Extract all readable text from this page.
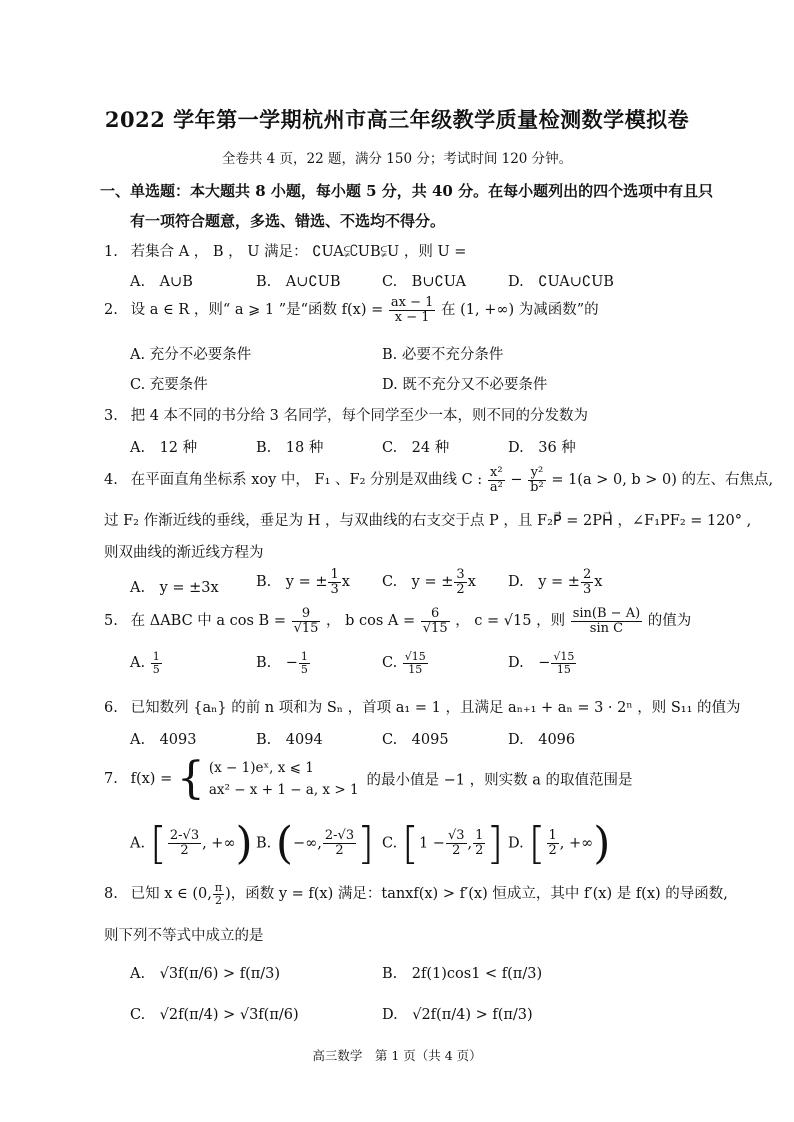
2022 学年第一学期杭州市高三年级教学质量检测数学模拟卷
全卷共 4 页，22 题，满分 150 分；考试时间 120 分钟。
一、单选题：本大题共 8 小题，每小题 5 分，共 40 分。在每小题列出的四个选项中有且只
有一项符合题意，多选、错选、不选均不得分。
1. 若集合 A ， B ， U 满足： ∁UA⫋∁UB⫋U ，则 U =
A.　A∪B	B.　A∪∁UB	C.　B∪∁UA	D.　∁UA∪∁UB
2. 设 a ∈ R ，则“ a ⩾ 1 ”是“函数 $f(x) = \frac{ax - 1}{x - 1}$ 在 (1, +∞) 为减函数”的
A. 充分不必要条件	B. 必要不充分条件
C. 充要条件	D. 既不充分又不必要条件
3. 把 4 本不同的书分给 3 名同学，每个同学至少一本，则不同的分发数为
A.　12 种	B.　18 种	C.　24 种	D.　36 种
4. 在平面直角坐标系 xoy 中， F₁ 、F₂ 分别是双曲线 C : $\frac{\text{x²}}{\text{a²}} - \frac{\text{y²}}{\text{b²}} = 1(a > 0$, b > 0) 的左、右焦点,
过 F₂ 作渐近线的垂线，垂足为 H ，与双曲线的右支交于点 P ，且 F₂P⃗ = 2PH⃗ ，∠F₁PF₂ = 120° ,
则双曲线的渐近线方程为
A.　y = ±3x	B.　y = ± $\frac{1}{3}$ x C.　y = ± $\frac{3}{2}$ x D.　y = ± $\frac{2}{3}$ x
5. 在 ΔABC 中 a $\cos B = \frac{9}{√15}$ ， b $\cos A = \frac{6}{√15}$ ， c = √15 ，则 $\frac{\sin(B - A)}{\text{sin C}}$ 的值为
A. $\frac{1}{5}$	B.　− $\frac{1}{5}$	C. $\frac{√15}{15}$	D.　− $\frac{√15}{15}$
6. 已知数列 {aₙ} 的前 n 项和为 Sₙ ，首项 a₁ = 1 ，且满足 aₙ₊₁ + aₙ = 3 · 2ⁿ ，则 S₁₁ 的值为
A.　4093	B.　4094	C.　4095	D.　4096
7. f(x) = { (x − 1)eˣ, x ⩽ 1
ax² − x + 1 − a, x > 1
的最小值是 −1 ，则实数 a 的取值范围是
A. [ $\frac{2-√3}{2}$ , +∞) B. (−∞, $\frac{2-√3}{2}$ ] C. [$1 - \frac{√3}{2}$ , $\frac{1}{2}$ ] D. [ $\frac{1}{2}$ , +∞)
8. 已知 x ∈ (0, $\frac{\pi}{2}$ )，函数 y = f(x) 满足：tanxf(x) > f′(x) 恒成立，其中 f′(x) 是 f(x) 的导函数,
则下列不等式中成立的是
A.　√3f(π/6) > f(π/3)	B.　2f(1)cos1 < f(π/3)
C.　√2f(π/4) > √3f(π/6)	D.　√2f(π/4) > f(π/3)
高三数学　第 1 页（共 4 页）
